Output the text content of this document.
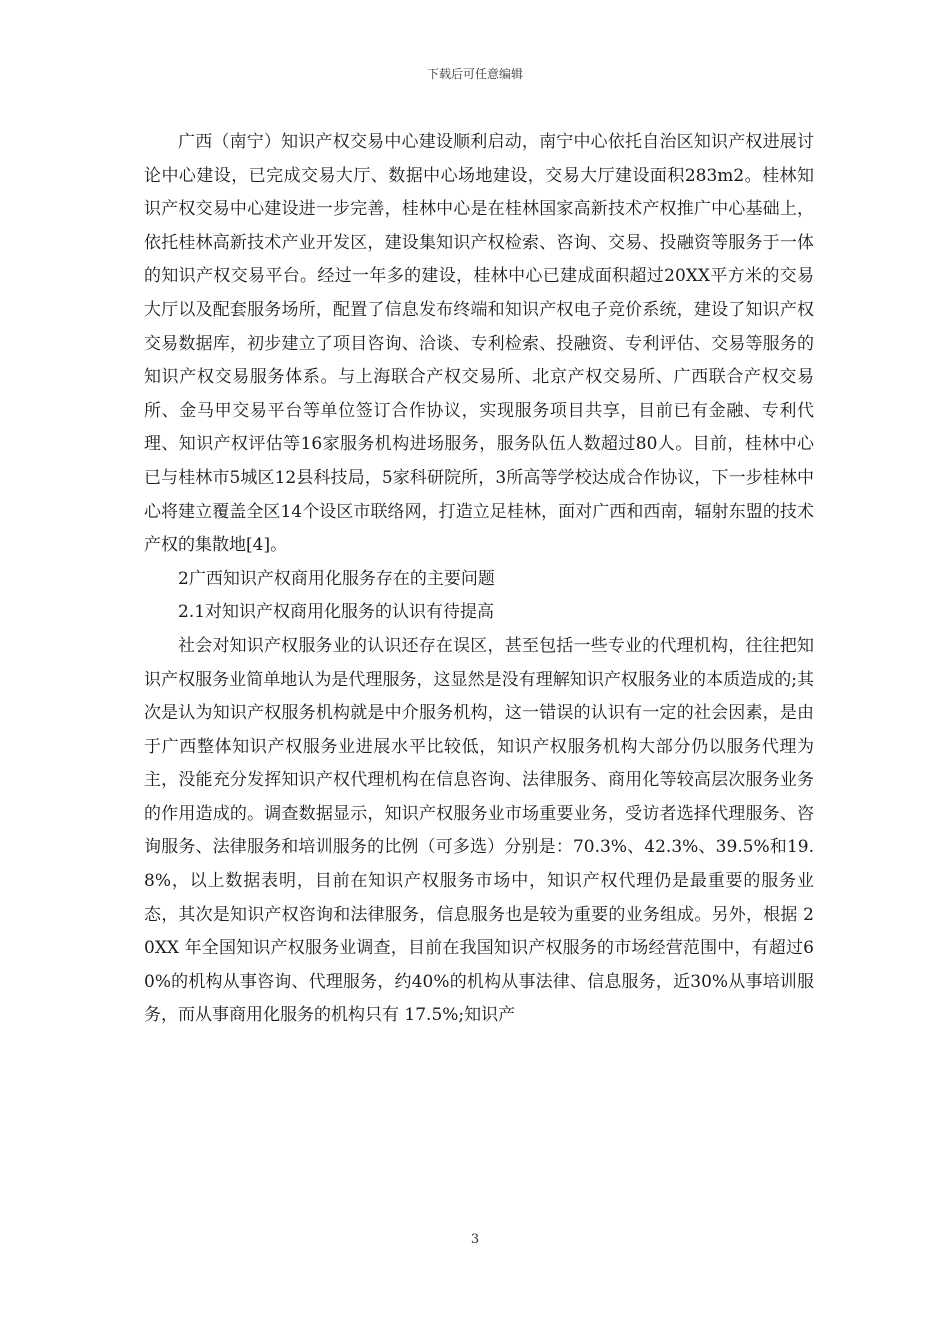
下载后可任意编辑

广西（南宁）知识产权交易中心建设顺利启动，南宁中心依托自治区知识产权进展讨论中心建设，已完成交易大厅、数据中心场地建设，交易大厅建设面积283m2。桂林知识产权交易中心建设进一步完善，桂林中心是在桂林国家高新技术产权推广中心基础上，依托桂林高新技术产业开发区，建设集知识产权检索、咨询、交易、投融资等服务于一体的知识产权交易平台。经过一年多的建设，桂林中心已建成面积超过20XX平方米的交易大厅以及配套服务场所，配置了信息发布终端和知识产权电子竞价系统，建设了知识产权交易数据库，初步建立了项目咨询、洽谈、专利检索、投融资、专利评估、交易等服务的知识产权交易服务体系。与上海联合产权交易所、北京产权交易所、广西联合产权交易所、金马甲交易平台等单位签订合作协议，实现服务项目共享，目前已有金融、专利代理、知识产权评估等16家服务机构进场服务，服务队伍人数超过80人。目前，桂林中心已与桂林市5城区12县科技局，5家科研院所，3所高等学校达成合作协议，下一步桂林中心将建立覆盖全区14个设区市联络网，打造立足桂林，面对广西和西南，辐射东盟的技术产权的集散地[4]。

2广西知识产权商用化服务存在的主要问题

2.1对知识产权商用化服务的认识有待提高

社会对知识产权服务业的认识还存在误区，甚至包括一些专业的代理机构，往往把知识产权服务业简单地认为是代理服务，这显然是没有理解知识产权服务业的本质造成的;其次是认为知识产权服务机构就是中介服务机构，这一错误的认识有一定的社会因素，是由于广西整体知识产权服务业进展水平比较低，知识产权服务机构大部分仍以服务代理为主，没能充分发挥知识产权代理机构在信息咨询、法律服务、商用化等较高层次服务业务的作用造成的。调查数据显示，知识产权服务业市场重要业务，受访者选择代理服务、咨询服务、法律服务和培训服务的比例（可多选）分别是：70.3%、42.3%、39.5%和19.8%，以上数据表明，目前在知识产权服务市场中，知识产权代理仍是最重要的服务业态，其次是知识产权咨询和法律服务，信息服务也是较为重要的业务组成。另外，根据 20XX 年全国知识产权服务业调查，目前在我国知识产权服务的市场经营范围中，有超过60%的机构从事咨询、代理服务，约40%的机构从事法律、信息服务，近30%从事培训服务，而从事商用化服务的机构只有 17.5%;知识产

3
